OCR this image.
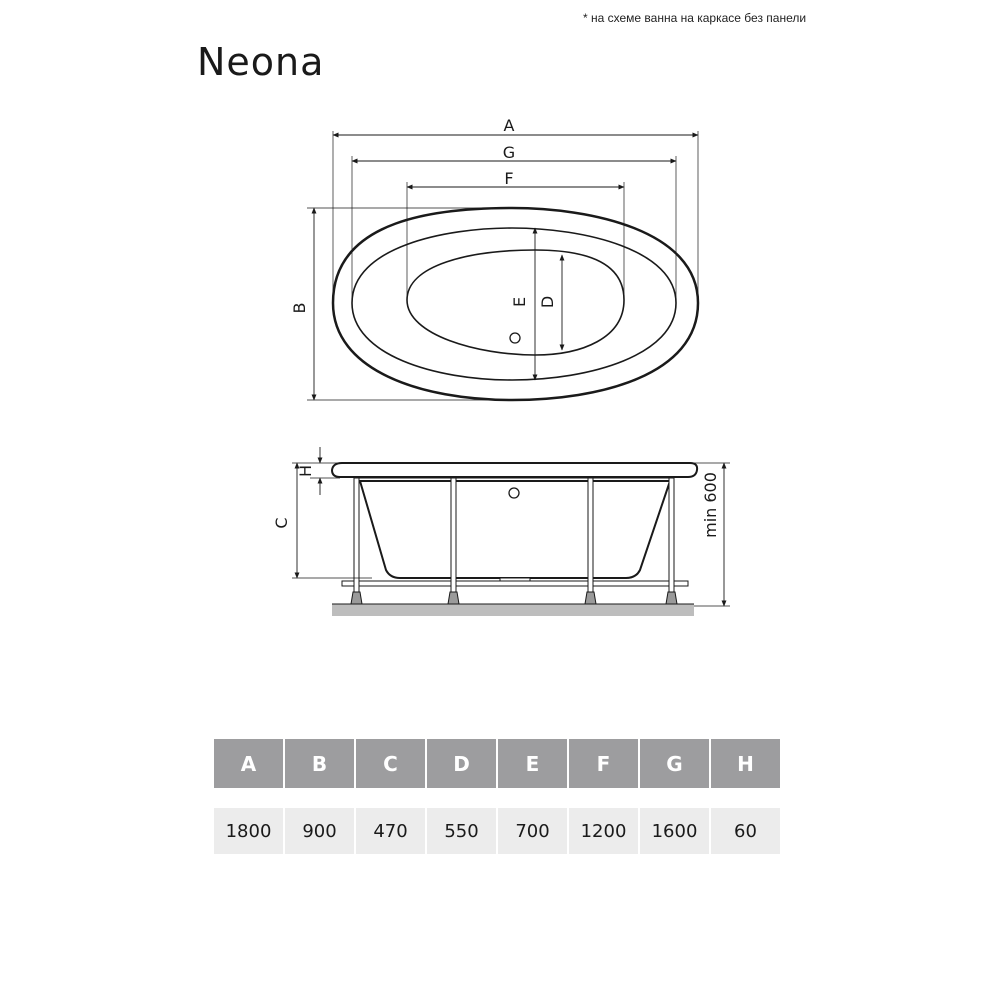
* на схеме ванна на каркасе без панели
Neona
A
G
F
B
E D
H
C	min 600
A	B	C	D	E	F	G	H

1800	900	470	550	700	1200	1600	60
